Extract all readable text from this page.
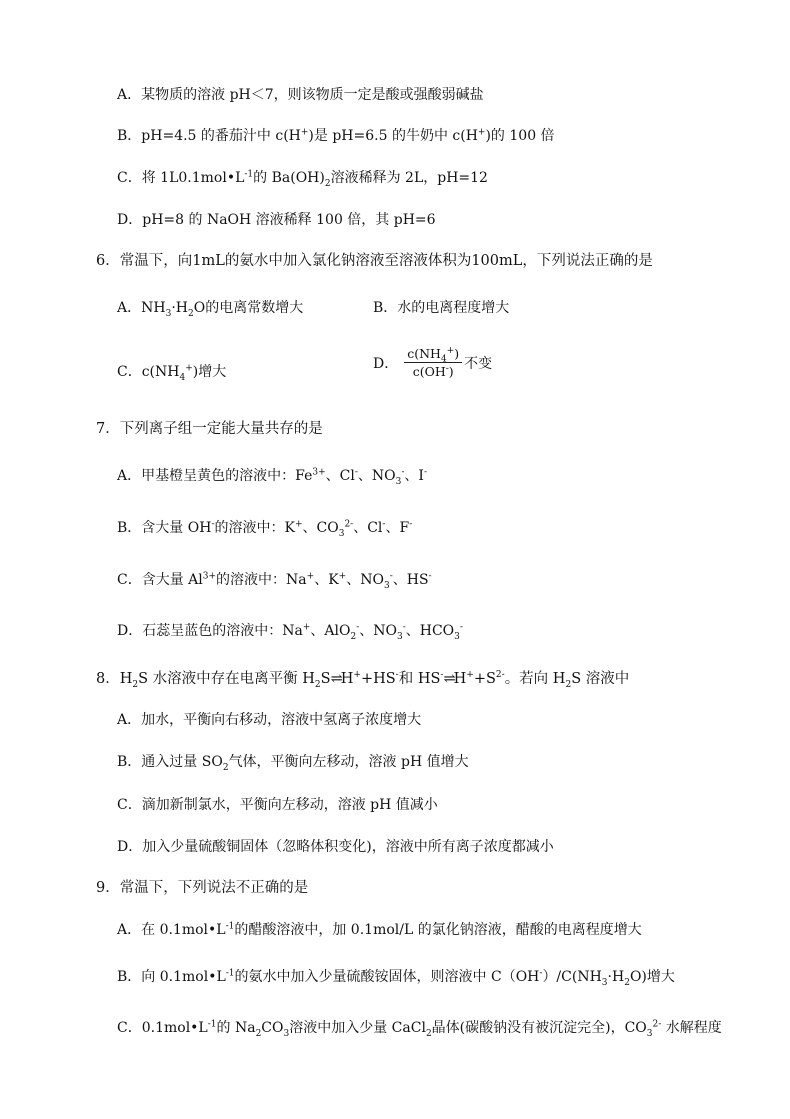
A．某物质的溶液 pH＜7，则该物质一定是酸或强酸弱碱盐
B．pH=4.5 的番茄汁中 c(H+)是 pH=6.5 的牛奶中 c(H+)的 100 倍
C．将 $1L0.1mol•L^{-1}$的 $Ba(OH)_2$溶液稀释为 2L，pH=12
D．pH=8 的 NaOH 溶液稀释 100 倍，其 pH=6
6．常温下，向1mL的氨水中加入氯化钠溶液至溶液体积为100mL，下列说法正确的是
A．$NH_3\cdot H_2O$的电离常数增大	B．水的电离程度增大
C．$c(NH_4^+)$增大
D． $\frac{c(NH_4^+)}{c(OH^-)}$ 不变
7．下列离子组一定能大量共存的是
A．甲基橙呈黄色的溶液中：$Fe^{3+}$、Cl-、$NO_3^-$、I-
B．含大量 OH-的溶液中：K+、$CO_3^{2-}$、Cl-、F-
C．含大量 $Al^{3+}$的溶液中：Na+、K+、$NO_3^-$、HS-
D．石蕊呈蓝色的溶液中：Na+、AlO$_2$-、$NO_3^-$、$HCO_3^-$
8．$H_2S$ 水溶液中存在电离平衡 $H_2S\rightleftharpoons H^++HS^-$和 $HS^-\rightleftharpoons H^++S^{2-}$。若向 $H_2S$ 溶液中
A．加水，平衡向右移动，溶液中氢离子浓度增大
B．通入过量 $SO_2$气体，平衡向左移动，溶液 pH 值增大
C．滴加新制氯水，平衡向左移动，溶液 pH 值减小
D．加入少量硫酸铜固体（忽略体积变化)，溶液中所有离子浓度都减小
9．常温下，下列说法不正确的是
A．在 $0.1mol•L^{-1}$的醋酸溶液中，加 0.1mol/L 的氯化钠溶液，醋酸的电离程度增大
B．向 $0.1mol•L^{-1}$的氨水中加入少量硫酸铵固体，则溶液中 $C(OH^-)/C(NH_3\cdot H_2O)$增大
C．$0.1mol•L^{-1}$的 $Na_2CO_3$溶液中加入少量 CaCl$_2$晶体(碳酸钠没有被沉淀完全)，$CO_3^{2-}$ 水解程度
